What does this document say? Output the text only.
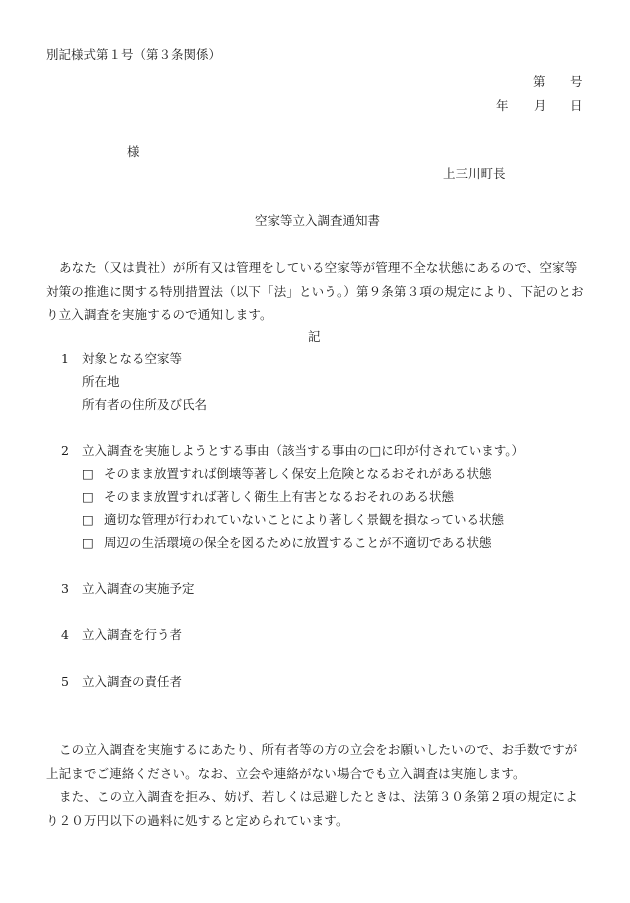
別記様式第１号（第３条関係）
第 号
年 月 日
様
上三川町長
空家等立入調査通知書
あなた（又は貴社）が所有又は管理をしている空家等が管理不全な状態にあるので、空家等対策の推進に関する特別措置法（以下「法」という。）第９条第３項の規定により、下記のとおり立入調査を実施するので通知します。
記
1 対象となる空家等
所在地
所有者の住所及び氏名
2 立入調査を実施しようとする事由（該当する事由の□に印が付されています。）
□ そのまま放置すれば倒壊等著しく保安上危険となるおそれがある状態
□ そのまま放置すれば著しく衛生上有害となるおそれのある状態
□ 適切な管理が行われていないことにより著しく景観を損なっている状態
□ 周辺の生活環境の保全を図るために放置することが不適切である状態
3 立入調査の実施予定
4 立入調査を行う者
5 立入調査の責任者
この立入調査を実施するにあたり、所有者等の方の立会をお願いしたいので、お手数ですが上記までご連絡ください。なお、立会や連絡がない場合でも立入調査は実施します。
また、この立入調査を拒み、妨げ、若しくは忌避したときは、法第３０条第２項の規定により２０万円以下の過料に処すると定められています。
